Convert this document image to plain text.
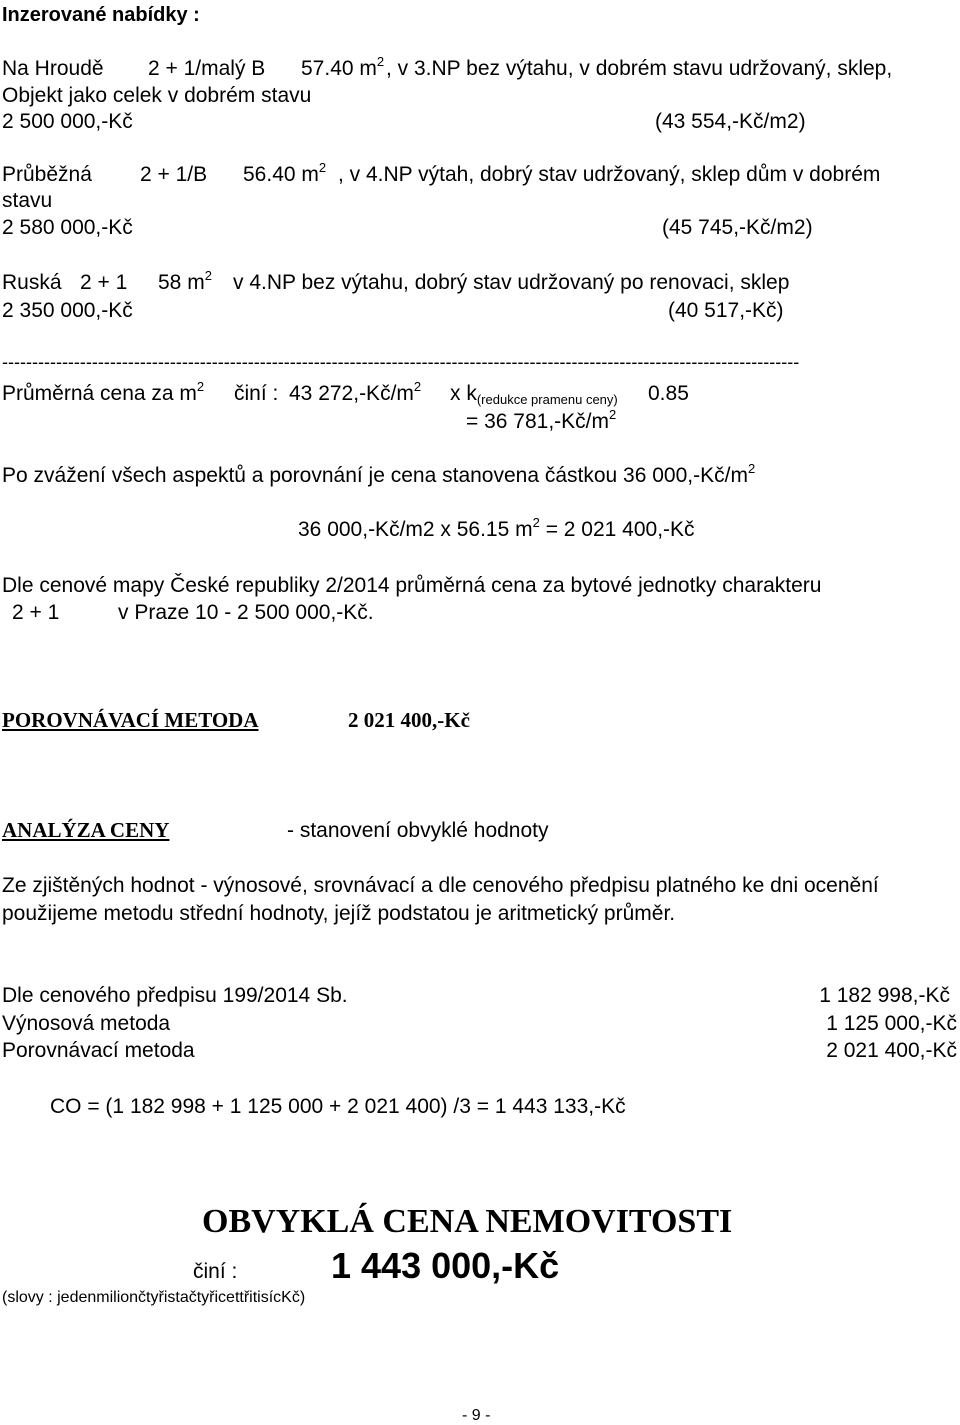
Inzerované nabídky :
Na Hroudě 2 + 1/malý B 57.40 $m^2$ , v 3.NP bez výtahu, v dobrém stavu udržovaný, sklep,
Objekt jako celek v dobrém stavu
2 500 000,-Kč	(43 554,-Kč/m2)
Průběžná 2 + 1/B 56.40 $m^2$ , v 4.NP výtah, dobrý stav udržovaný, sklep dům v dobrém
stavu
2 580 000,-Kč	(45 745,-Kč/m2)
Ruská 2 + 1 58 $m^2$ v 4.NP bez výtahu, dobrý stav udržovaný po renovaci, sklep
2 350 000,-Kč	(40 517,-Kč)
-------------------------------------------------------------------------------------------------------------------------------------
Průměrná cena za $m^2$ činí : 43 $272,-Kč/m^2$ x $k_{(redukce pramenu ceny)}$ 0.85
= 36 $781,-Kč/m^2$
Po zvážení všech aspektů a porovnání je cena stanovena částkou 36 $000,-Kč/m^2$
36 000,-Kč/m2 x 56.15 $m^2 = 2$ 021 400,-Kč
Dle cenové mapy České republiky 2/2014 průměrná cena za bytové jednotky charakteru
2 + 1	v Praze 10 - 2 500 000,-Kč.
POROVNÁVACÍ METODA	2 021 400,-Kč
ANALÝZA CENY	- stanovení obvyklé hodnoty
Ze zjištěných hodnot - výnosové, srovnávací a dle cenového předpisu platného ke dni ocenění
použijeme metodu střední hodnoty, jejíž podstatou je aritmetický průměr.
Dle cenového předpisu 199/2014 Sb.	1 182 998,-Kč
Výnosová metoda	1 125 000,-Kč
Porovnávací metoda	2 021 400,-Kč
CO = (1 182 998 + 1 125 000 + 2 021 400) /3 = 1 443 133,-Kč
OBVYKLÁ CENA NEMOVITOSTI
činí :	1 443 000,-Kč
(slovy : jedenmiliončtyřistačtyřicettřitisícKč)
- 9 -
